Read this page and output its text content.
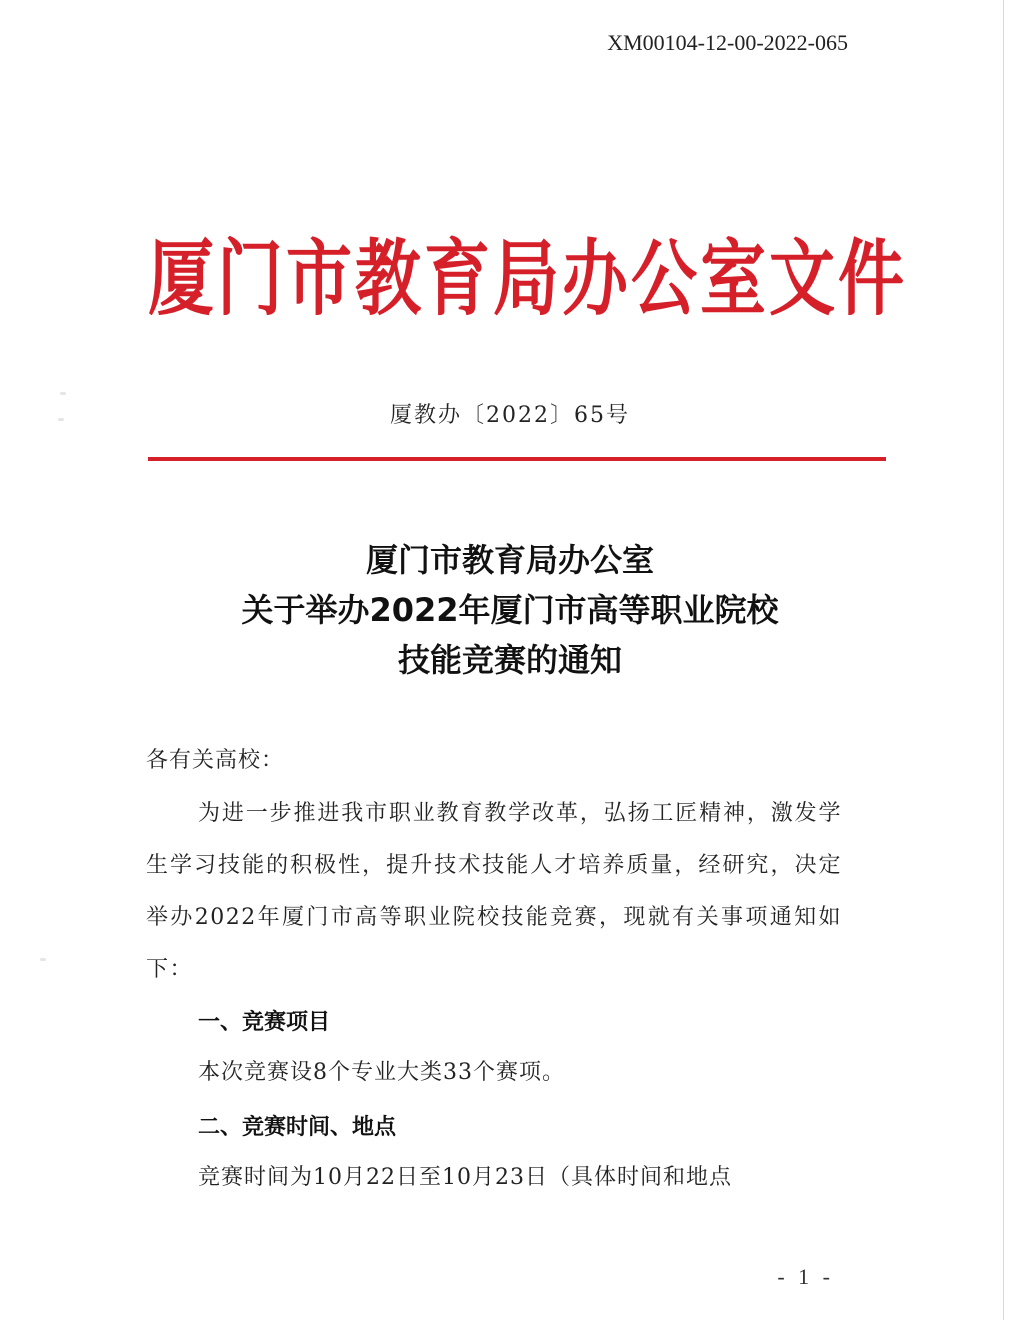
XM00104-12-00-2022-065
厦门市教育局办公室文件
厦教办〔2022〕65号
厦门市教育局办公室
关于举办2022年厦门市高等职业院校
技能竞赛的通知
各有关高校：
为进一步推进我市职业教育教学改革，弘扬工匠精神，激发学生学习技能的积极性，提升技术技能人才培养质量，经研究，决定举办2022年厦门市高等职业院校技能竞赛，现就有关事项通知如下：
一、竞赛项目
本次竞赛设8个专业大类33个赛项。
二、竞赛时间、地点
竞赛时间为10月22日至10月23日（具体时间和地点
- 1 -
